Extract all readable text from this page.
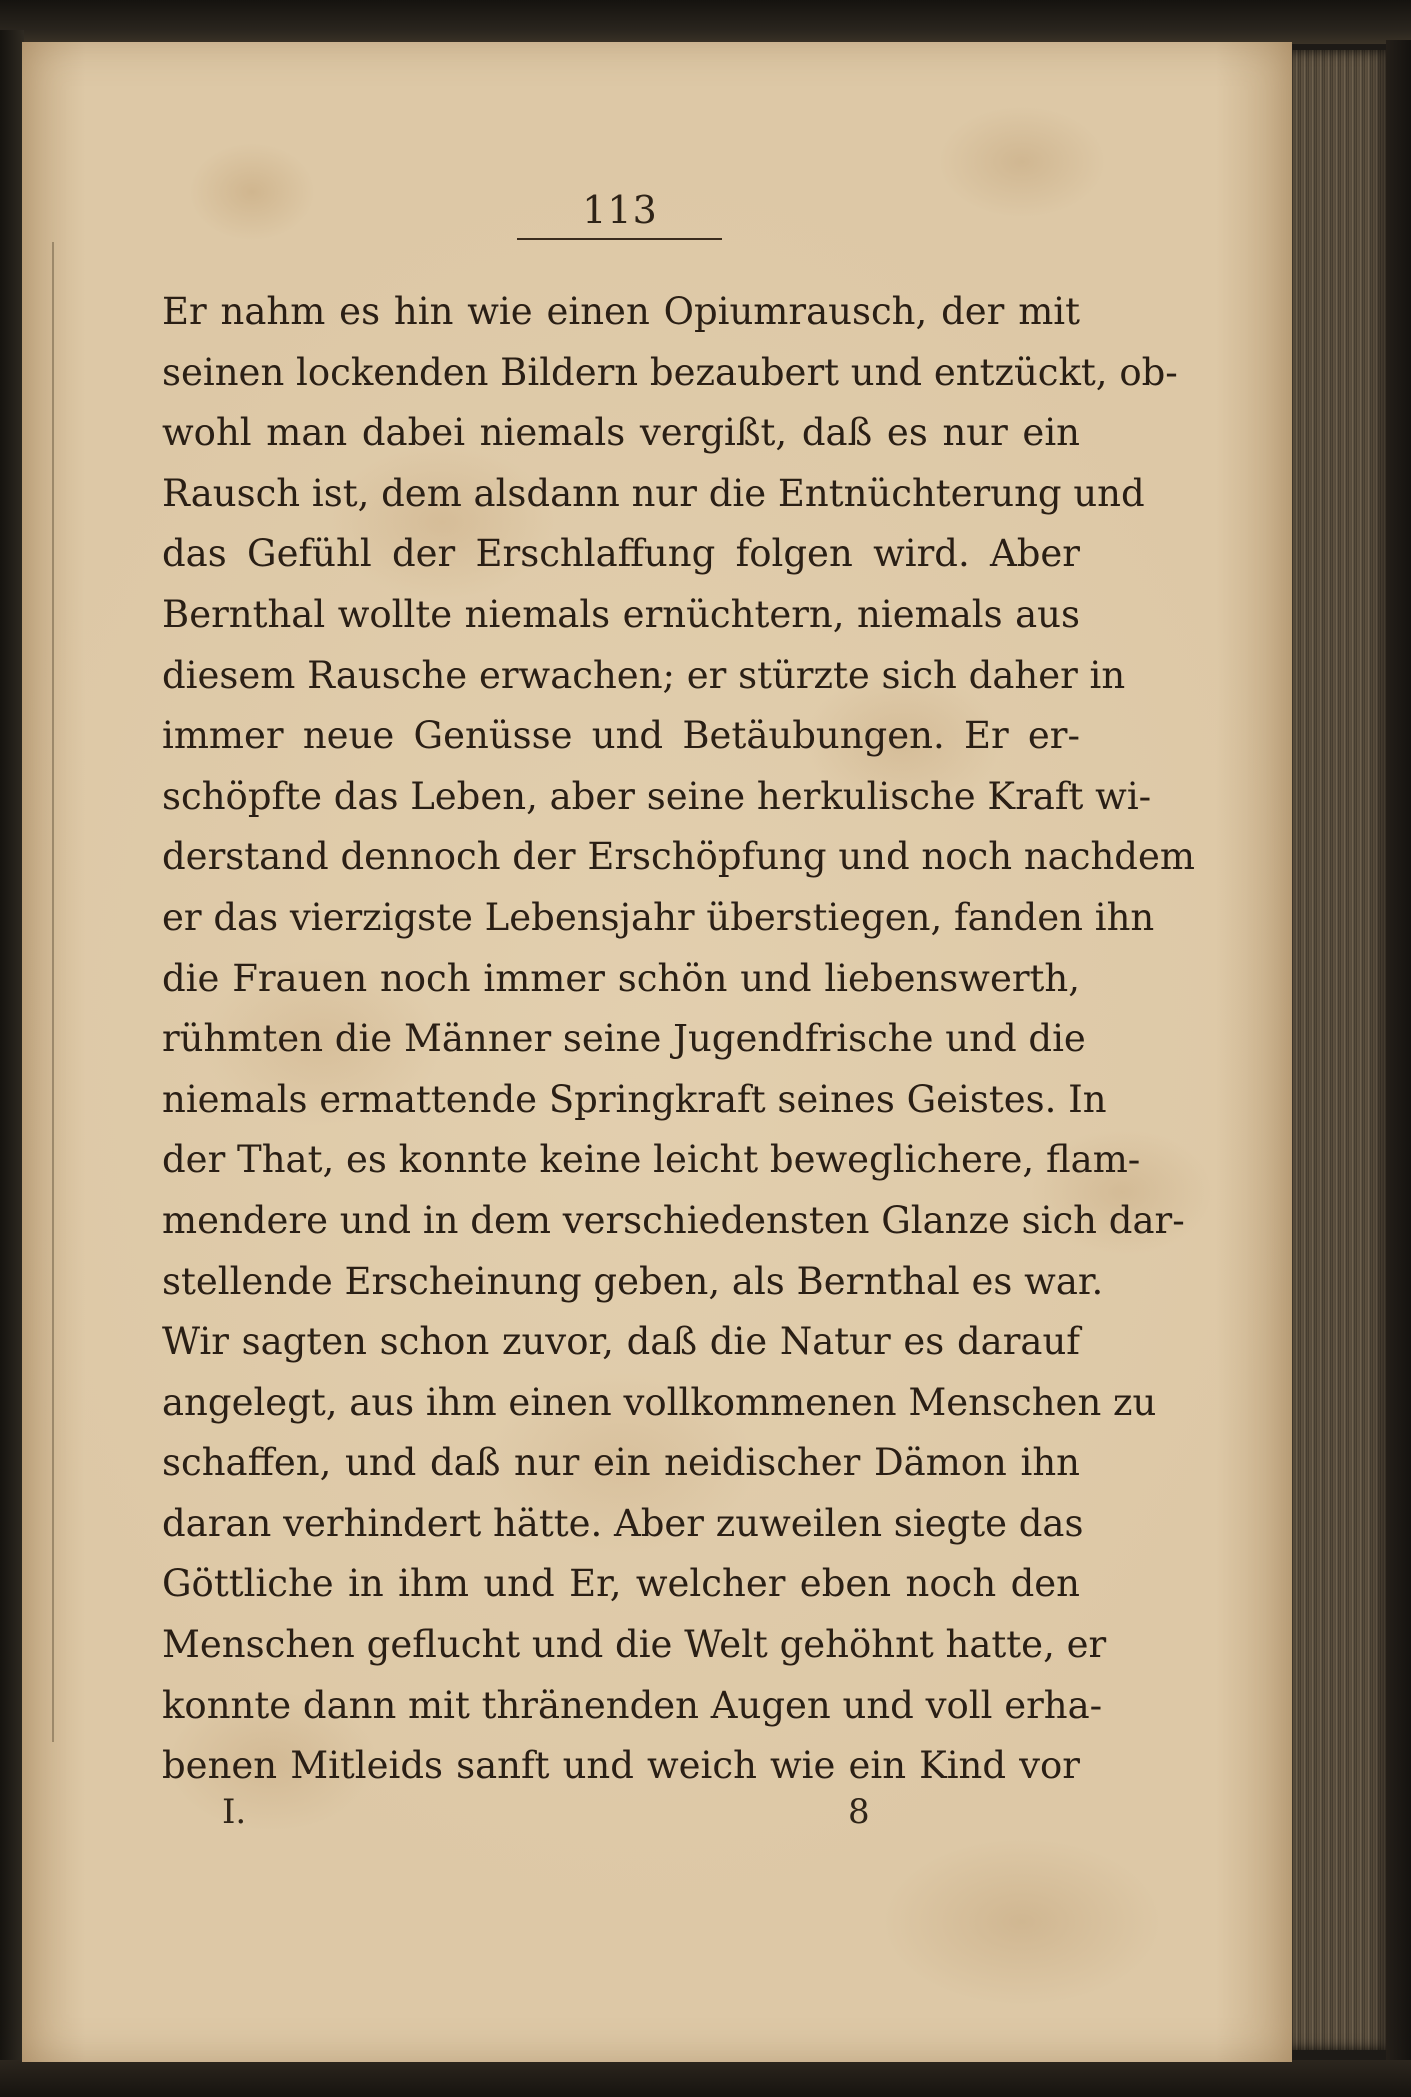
113
Er nahm es hin wie einen Opiumrausch, der mit
seinen lockenden Bildern bezaubert und entzückt, ob-
wohl man dabei niemals vergißt, daß es nur ein
Rausch ist, dem alsdann nur die Entnüchterung und
das Gefühl der Erschlaffung folgen wird. Aber
Bernthal wollte niemals ernüchtern, niemals aus
diesem Rausche erwachen; er stürzte sich daher in
immer neue Genüsse und Betäubungen. Er er-
schöpfte das Leben, aber seine herkulische Kraft wi-
derstand dennoch der Erschöpfung und noch nachdem
er das vierzigste Lebensjahr überstiegen, fanden ihn
die Frauen noch immer schön und liebenswerth,
rühmten die Männer seine Jugendfrische und die
niemals ermattende Springkraft seines Geistes. In
der That, es konnte keine leicht beweglichere, flam-
mendere und in dem verschiedensten Glanze sich dar-
stellende Erscheinung geben, als Bernthal es war.
Wir sagten schon zuvor, daß die Natur es darauf
angelegt, aus ihm einen vollkommenen Menschen zu
schaffen, und daß nur ein neidischer Dämon ihn
daran verhindert hätte. Aber zuweilen siegte das
Göttliche in ihm und Er, welcher eben noch den
Menschen geflucht und die Welt gehöhnt hatte, er
konnte dann mit thränenden Augen und voll erha-
benen Mitleids sanft und weich wie ein Kind vor
I.	8
